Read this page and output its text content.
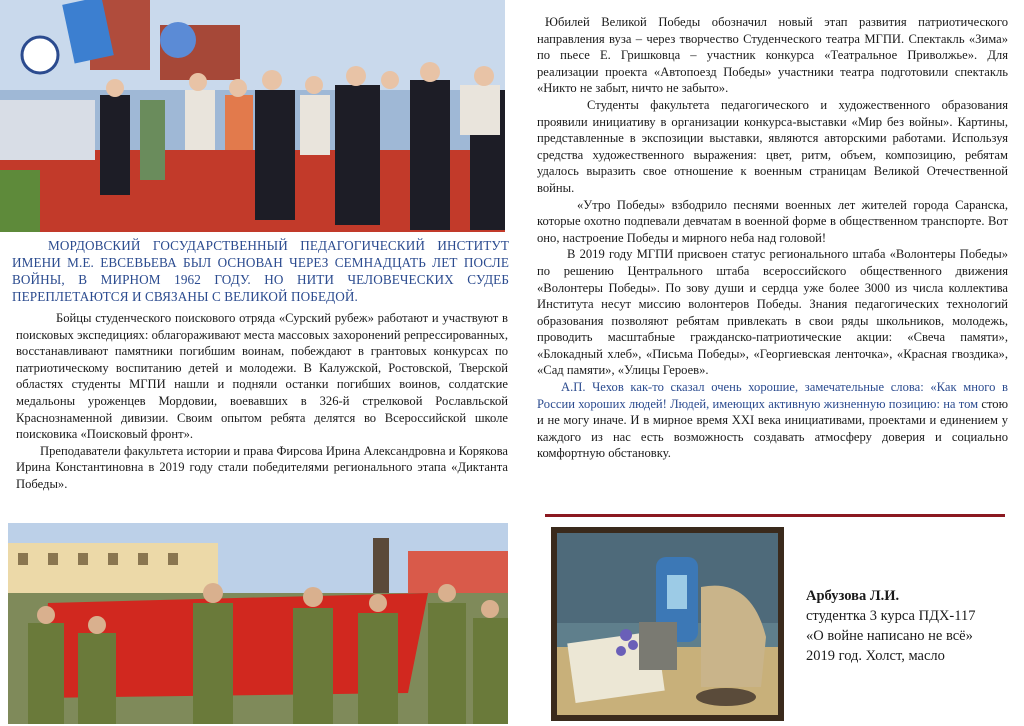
МОРДОВСКИЙ ГОСУДАРСТВЕННЫЙ ПЕДАГОГИЧЕСКИЙ ИНСТИТУТ ИМЕНИ М.Е. ЕВСЕВЬЕВА БЫЛ ОСНОВАН ЧЕРЕЗ СЕМНАДЦАТЬ ЛЕТ ПОСЛЕ ВОЙНЫ, В МИРНОМ 1962 ГОДУ. НО НИТИ ЧЕЛОВЕЧЕСКИХ СУДЕБ ПЕРЕПЛЕТАЮТСЯ И СВЯЗАНЫ С ВЕЛИКОЙ ПОБЕДОЙ.

Бойцы студенческого поискового отряда «Сурский рубеж» работают и участвуют в поисковых экспедициях: облагораживают места массовых захоронений репрессированных, восстанавливают памятники погибшим воинам, побеждают в грантовых конкурсах по патриотическому воспитанию детей и молодежи. В Калужской, Ростовской, Тверской областях студенты МГПИ нашли и подняли останки погибших воинов, солдатские медальоны уроженцев Мордовии, воевавших в 326-й стрелковой Рославльской Краснознаменной дивизии. Своим опытом ребята делятся во Всероссийской школе поисковика «Поисковый фронт».

Преподаватели факультета истории и права Фирсова Ирина Александровна и Корякова Ирина Константиновна в 2019 году стали победителями регионального этапа «Диктанта Победы».

Юбилей Великой Победы обозначил новый этап развития патриотического направления вуза – через творчество Студенческого театра МГПИ. Спектакль «Зима» по пьесе Е. Гришковца – участник конкурса «Театральное Приволжье». Для реализации проекта «Автопоезд Победы» участники театра подготовили спектакль «Никто не забыт, ничто не забыто».

Студенты факультета педагогического и художественного образования проявили инициативу в организации конкурса-выставки «Мир без войны». Картины, представленные в экспозиции выставки, являются авторскими работами. Используя средства художественного выражения: цвет, ритм, объем, композицию, ребятам удалось выразить свое отношение к военным страницам Великой Отечественной войны.

«Утро Победы» взбодрило песнями военных лет жителей города Саранска, которые охотно подпевали девчатам в военной форме в общественном транспорте. Вот оно, настроение Победы и мирного неба над головой!

В 2019 году МГПИ присвоен статус регионального штаба «Волонтеры Победы» по решению Центрального штаба всероссийского общественного движения «Волонтеры Победы». По зову души и сердца уже более 3000 из числа коллектива Института несут миссию волонтеров Победы. Знания педагогических технологий образования позволяют ребятам привлекать в свои ряды школьников, молодежь, проводить масштабные гражданско-патриотические акции: «Свеча памяти», «Блокадный хлеб», «Письма Победы», «Георгиевская ленточка», «Красная гвоздика», «Сад памяти», «Улицы Героев».

А.П. Чехов как-то сказал очень хорошие, замечательные слова: «Как много в России хороших людей! Людей, имеющих активную жизненную позицию: на том стою и не могу иначе. И в мирное время XXI века инициативами, проектами и единением у каждого из нас есть возможность создавать атмосферу доверия и социально комфортную обстановку.

Арбузова Л.И.
студентка 3 курса ПДХ-117
«О войне написано не всё»
2019 год. Холст, масло
